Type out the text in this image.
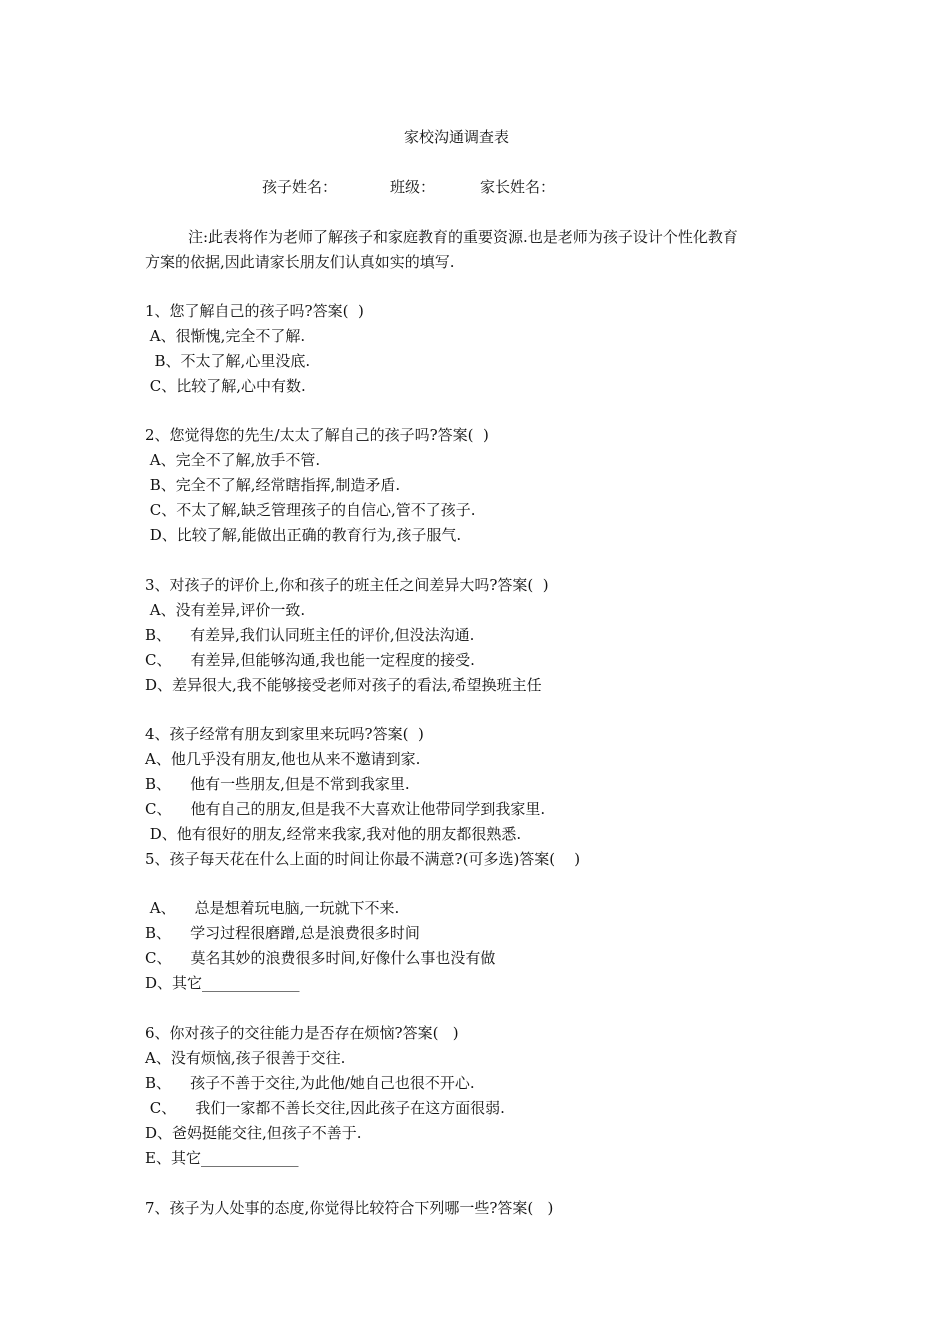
家校沟通调查表
孩子姓名：	班级：	家长姓名：
注:此表将作为老师了解孩子和家庭教育的重要资源.也是老师为孩子设计个性化教育
方案的依据,因此请家长朋友们认真如实的填写.
1、您了解自己的孩子吗?答案(  )
A、很惭愧,完全不了解.
B、不太了解,心里没底.
C、比较了解,心中有数.
2、您觉得您的先生/太太了解自己的孩子吗?答案(  )
A、完全不了解,放手不管.
B、完全不了解,经常瞎指挥,制造矛盾.
C、不太了解,缺乏管理孩子的自信心,管不了孩子.
D、比较了解,能做出正确的教育行为,孩子服气.
3、对孩子的评价上,你和孩子的班主任之间差异大吗?答案(  )
A、没有差异,评价一致.
B、    有差异,我们认同班主任的评价,但没法沟通.
C、    有差异,但能够沟通,我也能一定程度的接受.
D、差异很大,我不能够接受老师对孩子的看法,希望换班主任
4、孩子经常有朋友到家里来玩吗?答案(  )
A、他几乎没有朋友,他也从来不邀请到家.
B、    他有一些朋友,但是不常到我家里.
C、    他有自己的朋友,但是我不大喜欢让他带同学到我家里.
D、他有很好的朋友,经常来我家,我对他的朋友都很熟悉.
5、孩子每天花在什么上面的时间让你最不满意?(可多选)答案(    )
A、    总是想着玩电脑,一玩就下不来.
B、    学习过程很磨蹭,总是浪费很多时间
C、    莫名其妙的浪费很多时间,好像什么事也没有做
D、其它_____________
6、你对孩子的交往能力是否存在烦恼?答案(   )
A、没有烦恼,孩子很善于交往.
B、    孩子不善于交往,为此他/她自己也很不开心.
C、    我们一家都不善长交往,因此孩子在这方面很弱.
D、爸妈挺能交往,但孩子不善于.
E、其它_____________
7、孩子为人处事的态度,你觉得比较符合下列哪一些?答案(   )
